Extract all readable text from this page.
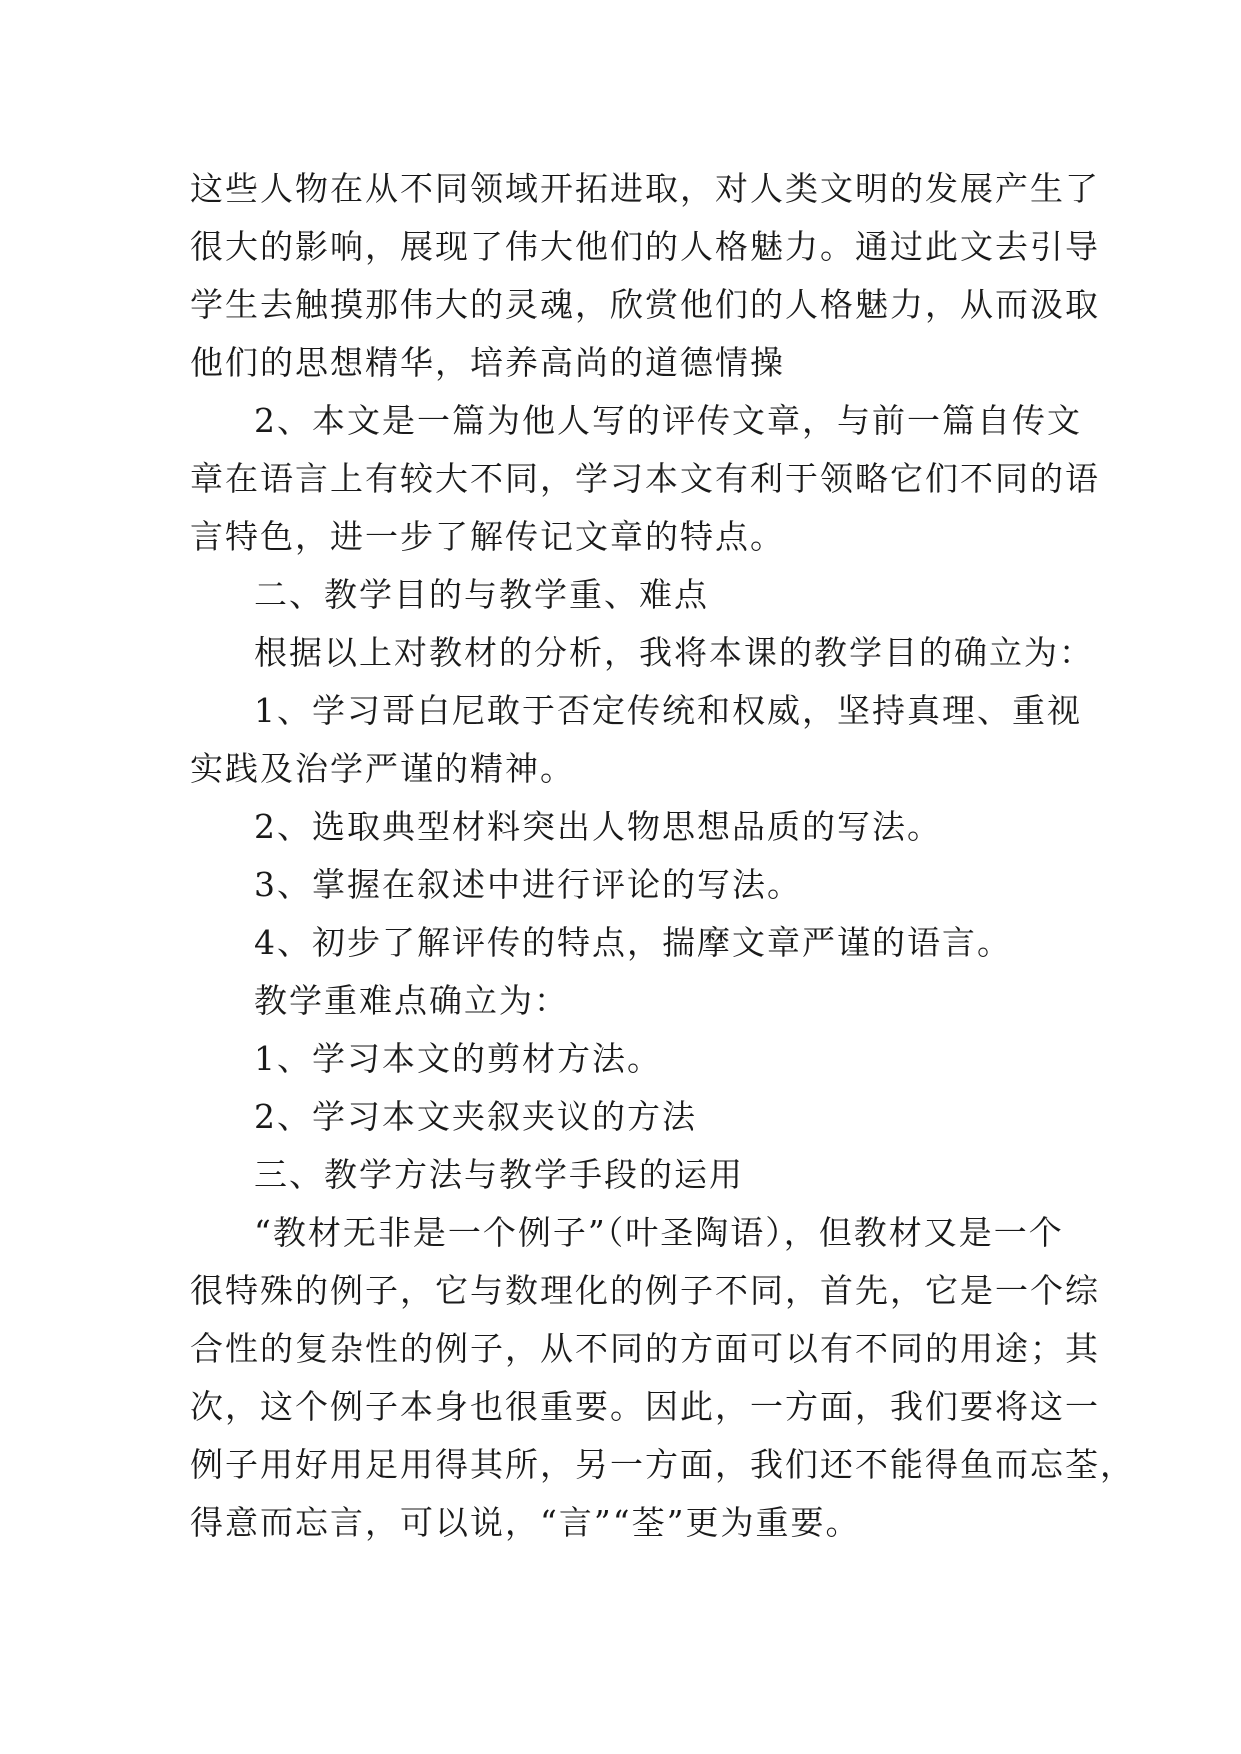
这些人物在从不同领域开拓进取，对人类文明的发展产生了
很大的影响，展现了伟大他们的人格魅力。通过此文去引导
学生去触摸那伟大的灵魂，欣赏他们的人格魅力，从而汲取
他们的思想精华，培养高尚的道德情操
2、本文是一篇为他人写的评传文章，与前一篇自传文
章在语言上有较大不同，学习本文有利于领略它们不同的语
言特色，进一步了解传记文章的特点。
二、教学目的与教学重、难点
根据以上对教材的分析，我将本课的教学目的确立为：
1、学习哥白尼敢于否定传统和权威，坚持真理、重视
实践及治学严谨的精神。
2、选取典型材料突出人物思想品质的写法。
3、掌握在叙述中进行评论的写法。
4、初步了解评传的特点，揣摩文章严谨的语言。
教学重难点确立为：
1、学习本文的剪材方法。
2、学习本文夹叙夹议的方法
三、教学方法与教学手段的运用
“教材无非是一个例子”（叶圣陶语），但教材又是一个
很特殊的例子，它与数理化的例子不同，首先，它是一个综
合性的复杂性的例子，从不同的方面可以有不同的用途；其
次，这个例子本身也很重要。因此，一方面，我们要将这一
例子用好用足用得其所，另一方面，我们还不能得鱼而忘荃，
得意而忘言，可以说，“言”“荃”更为重要。
